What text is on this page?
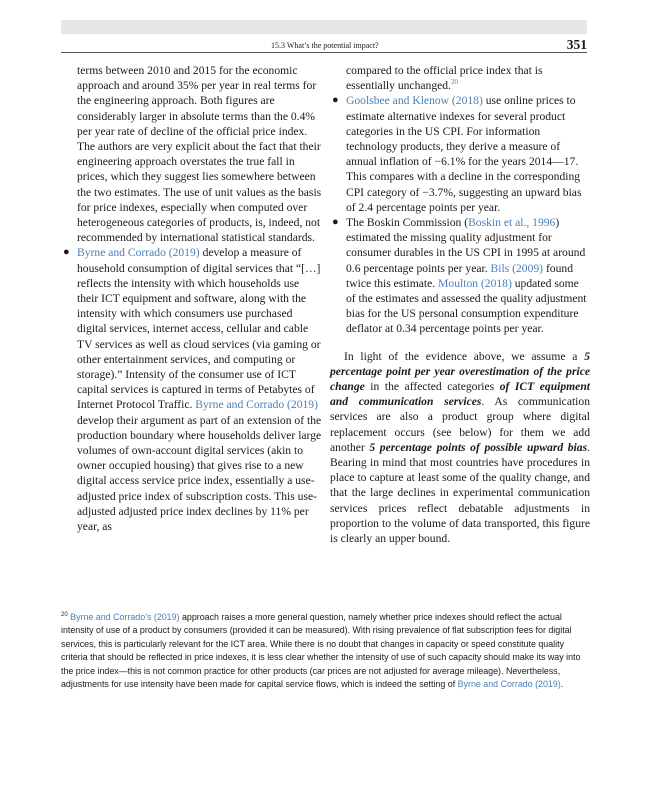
15.3 What’s the potential impact?	351

terms between 2010 and 2015 for the economic approach and around 35% per year in real terms for the engineering approach. Both figures are considerably larger in absolute terms than the 0.4% per year rate of decline of the official price index. The authors are very explicit about the fact that their engineering approach overstates the true fall in prices, which they suggest lies somewhere between the two estimates. The use of unit values as the basis for price indexes, especially when computed over heterogeneous categories of products, is, indeed, not recommended by international statistical standards.

● Byrne and Corrado (2019) develop a measure of household consumption of digital services that “[…] reflects the intensity with which households use their ICT equipment and software, along with the intensity with which consumers use purchased digital services, internet access, cellular and cable TV services as well as cloud services (via gaming or other entertainment services, and computing or storage).” Intensity of the consumer use of ICT capital services is captured in terms of Petabytes of Internet Protocol Traffic. Byrne and Corrado (2019) develop their argument as part of an extension of the production boundary where households deliver large volumes of own-account digital services (akin to owner occupied housing) that gives rise to a new digital access service price index, essentially a use-adjusted price index of subscription costs. This use-adjusted adjusted price index declines by 11% per year, as

compared to the official price index that is essentially unchanged.$^{20}$

● Goolsbee and Klenow (2018) use online prices to estimate alternative indexes for several product categories in the US CPI. For information technology products, they derive a measure of annual inflation of −6.1% for the years 2014—17. This compares with a decline in the corresponding CPI category of −3.7%, suggesting an upward bias of 2.4 percentage points per year.

● The Boskin Commission (Boskin et al., 1996) estimated the missing quality adjustment for consumer durables in the US CPI in 1995 at around 0.6 percentage points per year. Bils (2009) found twice this estimate. Moulton (2018) updated some of the estimates and assessed the quality adjustment bias for the US personal consumption expenditure deflator at 0.34 percentage points per year.

In light of the evidence above, we assume a 5 percentage point per year overestimation of the price change in the affected categories of ICT equipment and communication services. As communication services are also a product group where digital replacement occurs (see below) for them we add another 5 percentage points of possible upward bias. Bearing in mind that most countries have procedures in place to capture at least some of the quality change, and that the large declines in experimental communication services prices reflect debatable adjustments in proportion to the volume of data transported, this figure is clearly an upper bound.

$^{20}$ Byrne and Corrado’s (2019) approach raises a more general question, namely whether price indexes should reflect the actual intensity of use of a product by consumers (provided it can be measured). With rising prevalence of flat subscription fees for digital services, this is particularly relevant for the ICT area. While there is no doubt that changes in capacity or speed constitute quality criteria that should be reflected in price indexes, it is less clear whether the intensity of use of such capacity should make its way into the price index—this is not common practice for other products (car prices are not adjusted for average mileage). Nevertheless, adjustments for use intensity have been made for capital service flows, which is indeed the setting of Byrne and Corrado (2019).
